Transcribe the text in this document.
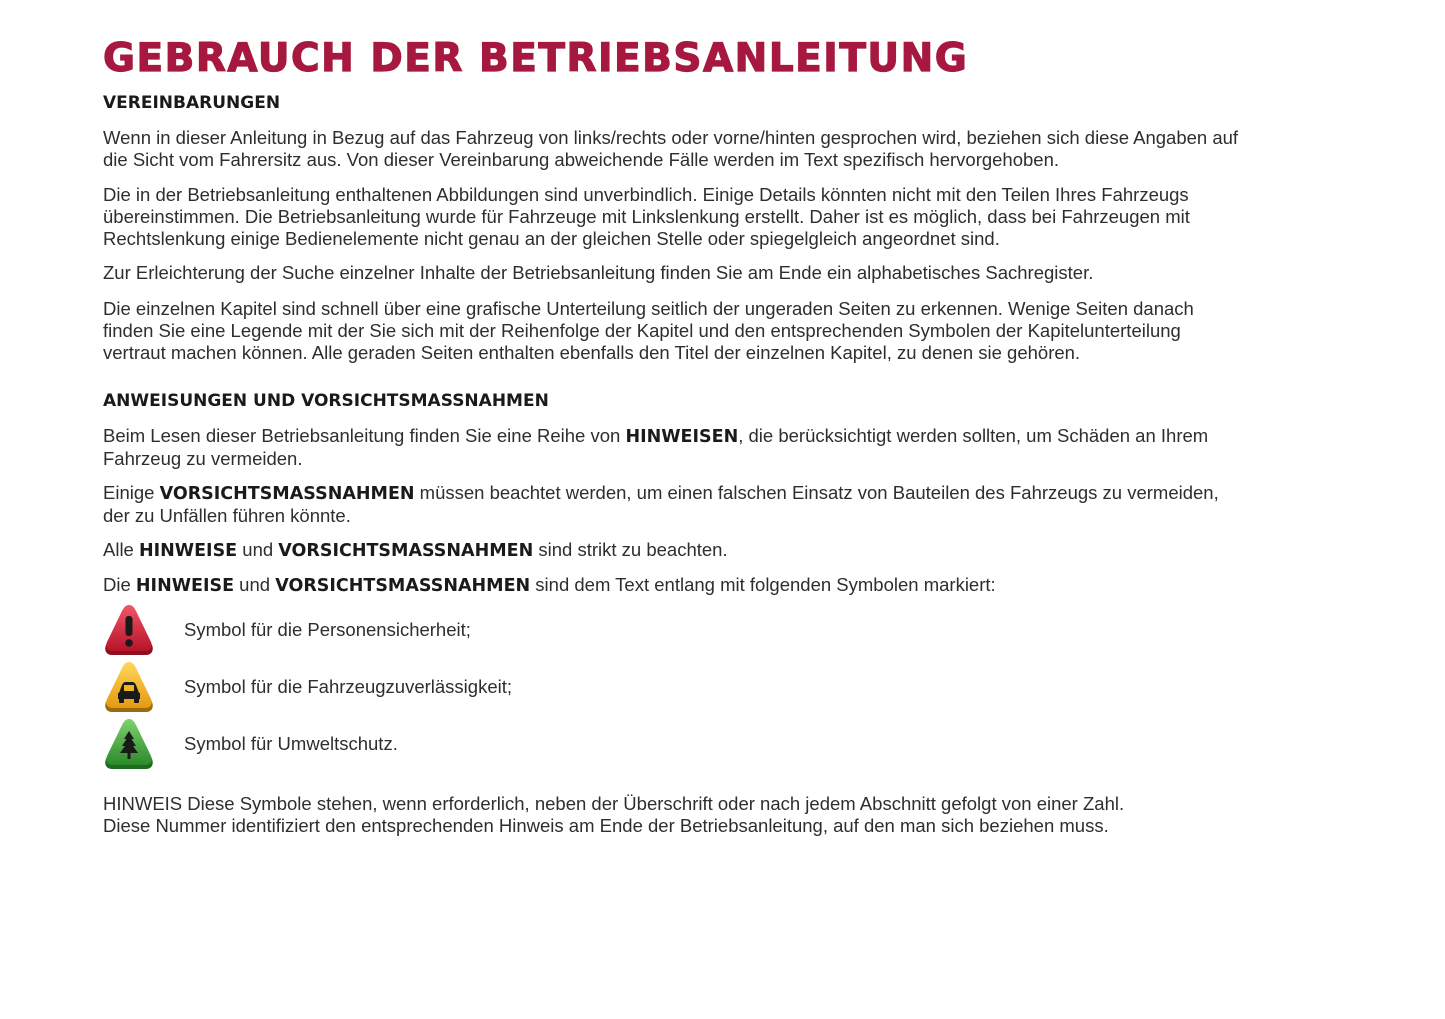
GEBRAUCH DER BETRIEBSANLEITUNG
VEREINBARUNGEN

Wenn in dieser Anleitung in Bezug auf das Fahrzeug von links/rechts oder vorne/hinten gesprochen wird, beziehen sich diese Angaben auf die Sicht vom Fahrersitz aus. Von dieser Vereinbarung abweichende Fälle werden im Text spezifisch hervorgehoben.

Die in der Betriebsanleitung enthaltenen Abbildungen sind unverbindlich. Einige Details könnten nicht mit den Teilen Ihres Fahrzeugs übereinstimmen. Die Betriebsanleitung wurde für Fahrzeuge mit Linkslenkung erstellt. Daher ist es möglich, dass bei Fahrzeugen mit Rechtslenkung einige Bedienelemente nicht genau an der gleichen Stelle oder spiegelgleich angeordnet sind.

Zur Erleichterung der Suche einzelner Inhalte der Betriebsanleitung finden Sie am Ende ein alphabetisches Sachregister.

Die einzelnen Kapitel sind schnell über eine grafische Unterteilung seitlich der ungeraden Seiten zu erkennen. Wenige Seiten danach finden Sie eine Legende mit der Sie sich mit der Reihenfolge der Kapitel und den entsprechenden Symbolen der Kapitelunterteilung vertraut machen können. Alle geraden Seiten enthalten ebenfalls den Titel der einzelnen Kapitel, zu denen sie gehören.

ANWEISUNGEN UND VORSICHTSMASSNAHMEN

Beim Lesen dieser Betriebsanleitung finden Sie eine Reihe von HINWEISEN, die berücksichtigt werden sollten, um Schäden an Ihrem Fahrzeug zu vermeiden.

Einige VORSICHTSMASSNAHMEN müssen beachtet werden, um einen falschen Einsatz von Bauteilen des Fahrzeugs zu vermeiden, der zu Unfällen führen könnte.

Alle HINWEISE und VORSICHTSMASSNAHMEN sind strikt zu beachten.

Die HINWEISE und VORSICHTSMASSNAHMEN sind dem Text entlang mit folgenden Symbolen markiert:

Symbol für die Personensicherheit;
Symbol für die Fahrzeugzuverlässigkeit;
Symbol für Umweltschutz.

HINWEIS Diese Symbole stehen, wenn erforderlich, neben der Überschrift oder nach jedem Abschnitt gefolgt von einer Zahl.
Diese Nummer identifiziert den entsprechenden Hinweis am Ende der Betriebsanleitung, auf den man sich beziehen muss.
